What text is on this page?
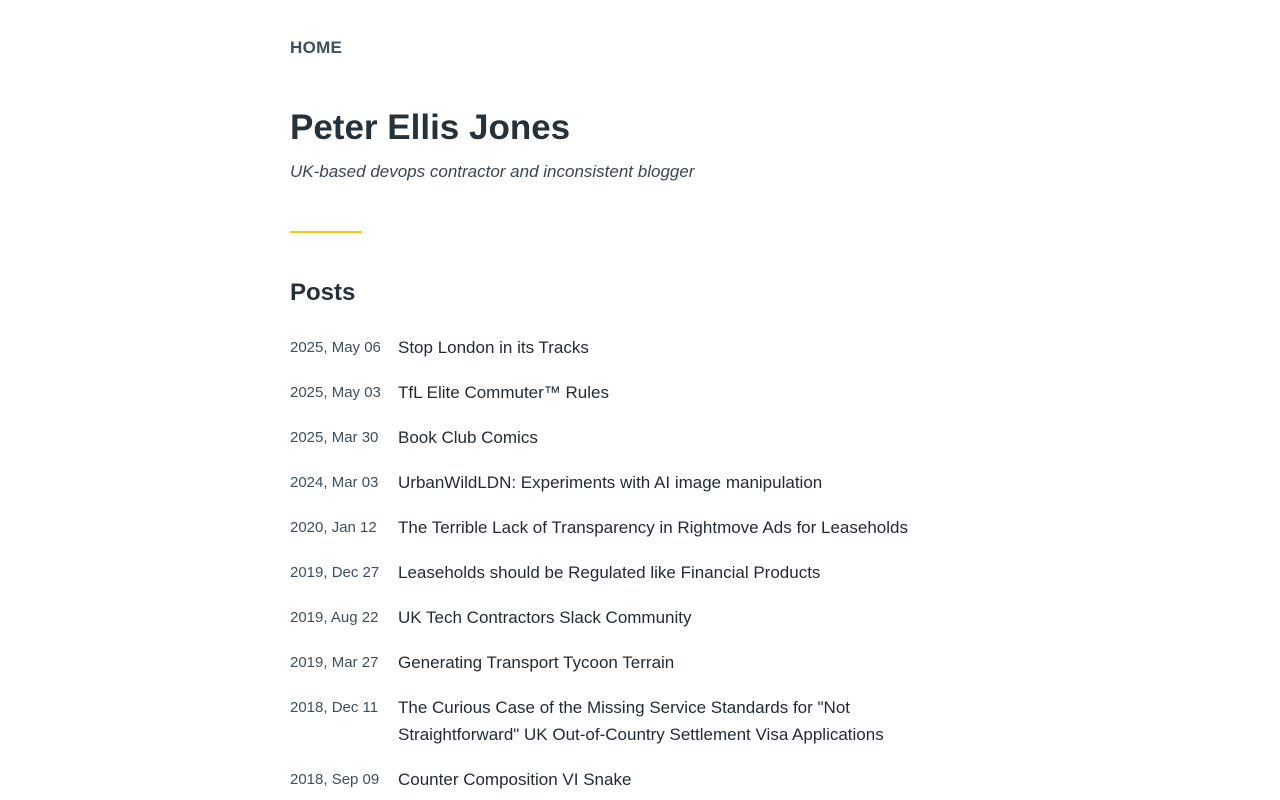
HOME
Peter Ellis Jones

UK-based devops contractor and inconsistent blogger

Posts
2025, May 06	Stop London in its Tracks
2025, May 03	TfL Elite Commuter™ Rules
2025, Mar 30	Book Club Comics
2024, Mar 03	UrbanWildLDN: Experiments with AI image manipulation
2020, Jan 12	The Terrible Lack of Transparency in Rightmove Ads for Leaseholds
2019, Dec 27	Leaseholds should be Regulated like Financial Products
2019, Aug 22	UK Tech Contractors Slack Community
2019, Mar 27	Generating Transport Tycoon Terrain
2018, Dec 11	The Curious Case of the Missing Service Standards for "Not Straightforward" UK Out-of-Country Settlement Visa Applications
2018, Sep 09	Counter Composition VI Snake
